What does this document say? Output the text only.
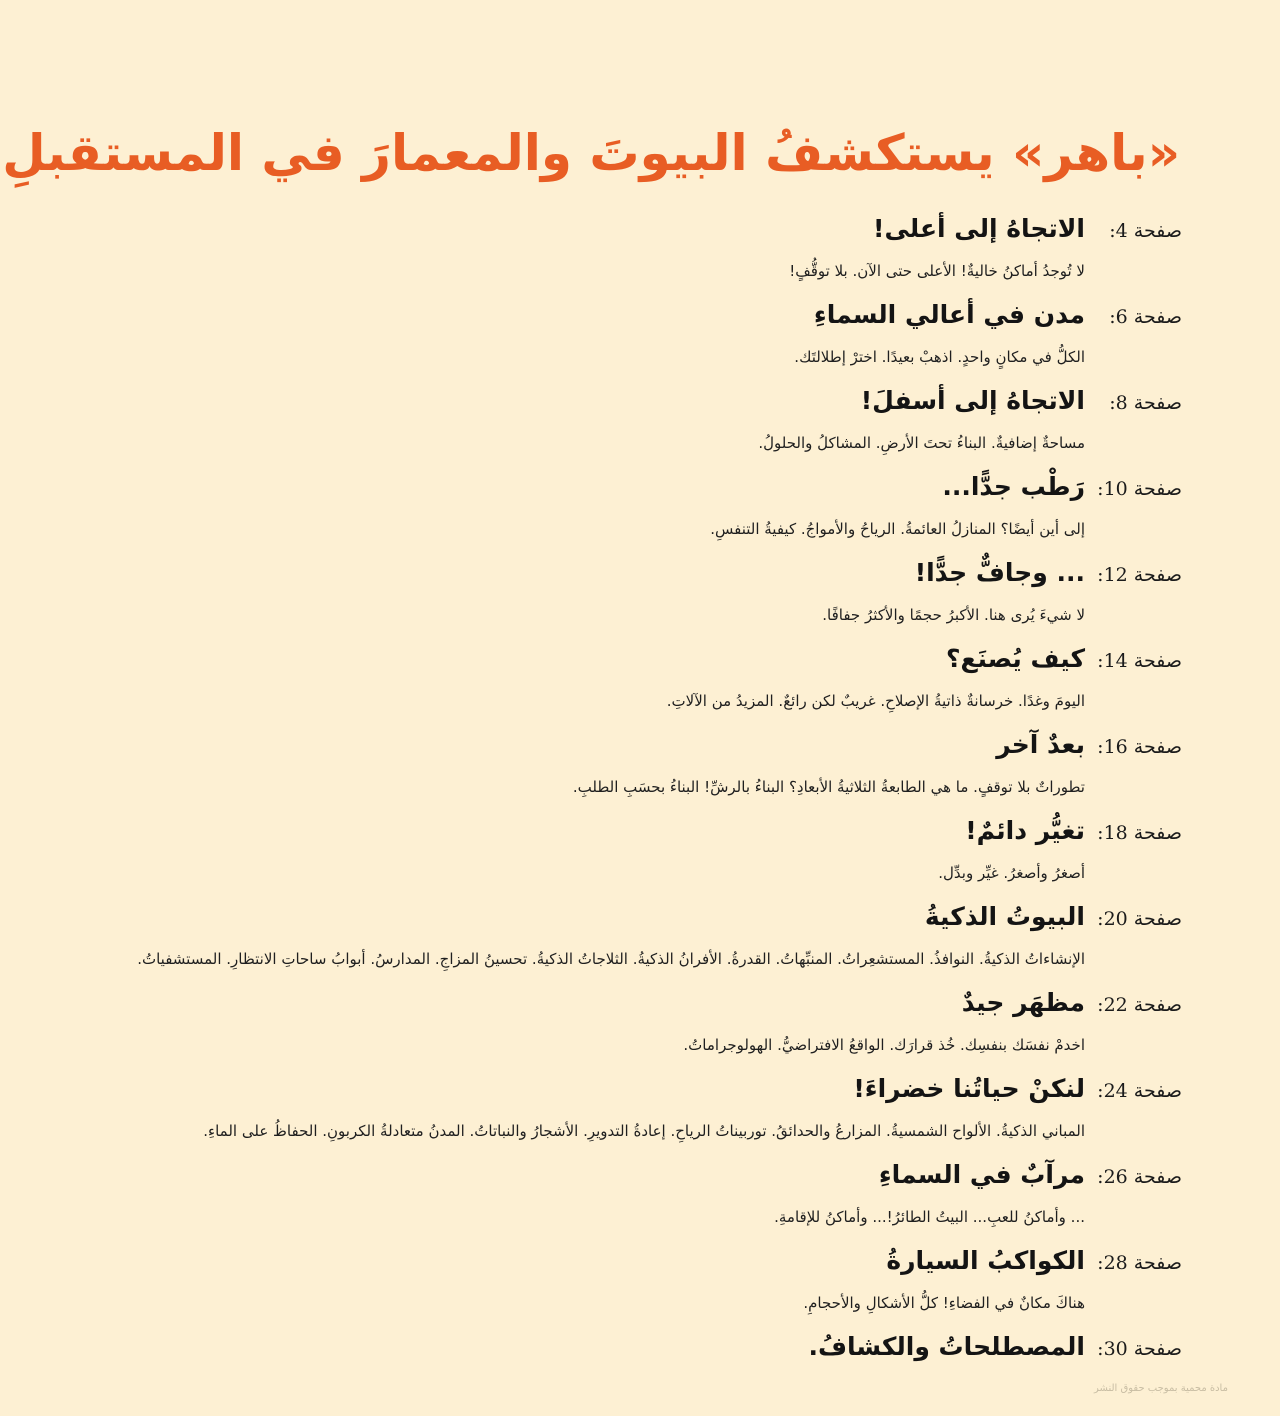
«باهر» يستكشفُ البيوتَ والمعمارَ في المستقبلِ
صفحة 4:
الاتجاهُ إلى أعلى!

لا تُوجدُ أماكنُ خاليةٌ! الأعلى حتى الآن. بلا توقُّفٍ!

صفحة 6:
مدن في أعالي السماءِ

الكلُّ في مكانٍ واحدٍ. اذهبْ بعيدًا. اخترْ إطلالتَك.

صفحة 8:
الاتجاهُ إلى أسفلَ!

مساحةٌ إضافيةٌ. البناءُ تحتَ الأرضِ. المشاكلُ والحلولُ.

صفحة 10:
رَطْب جدًّا...

إلى أين أيضًا؟ المنازلُ العائمةُ. الرياحُ والأمواجُ. كيفيةُ التنفسِ.

صفحة 12:
... وجافٌّ جدًّا!

لا شيءَ يُرى هنا. الأكبرُ حجمًا والأكثرُ جفافًا.

صفحة 14:
كيف يُصنَع؟

اليومَ وغدًا. خرسانةٌ ذاتيةُ الإصلاحِ. غريبٌ لكن رائعٌ. المزيدُ من الآلاتِ.

صفحة 16:
بعدٌ آخر

تطوراتٌ بلا توقفٍ. ما هي الطابعةُ الثلاثيةُ الأبعادِ؟ البناءُ بالرشِّ! البناءُ بحسَبِ الطلبِ.

صفحة 18:
تغيُّر دائمٌ!

أصغرُ وأصغرُ. غيِّر وبدِّل.

صفحة 20:
البيوتُ الذكيةُ

الإنشاءاتُ الذكيةُ. النوافذُ. المستشعِراتُ. المنبِّهاتُ. القدرةُ. الأفرانُ الذكيةُ. الثلاجاتُ الذكيةُ. تحسينُ المزاجِ. المدارسُ. أبوابُ ساحاتِ الانتظارِ. المستشفياتُ.

صفحة 22:
مظهَر جيدٌ

اخدمْ نفسَك بنفسِك. خُذ قرارَك. الواقعُ الافتراضيُّ. الهولوجراماتُ.

صفحة 24:
لنكنْ حياتُنا خضراءَ!

المباني الذكيةُ. الألواح الشمسيةُ. المزارعُ والحدائقُ. توربيناتُ الرياحِ. إعادةُ التدويرِ. الأشجارُ والنباتاتُ. المدنُ متعادلةُ الكربونِ. الحفاظُ على الماءِ.

صفحة 26:
مرآبٌ في السماءِ

... وأماكنُ للعبِ... البيتُ الطائرُ!... وأماكنُ للإقامةِ.

صفحة 28:
الكواكبُ السيارةُ

هناكَ مكانٌ في الفضاءِ! كلُّ الأشكالِ والأحجامِ.

صفحة 30:
المصطلحاتُ والكشافُ.
مادة محمية بموجب حقوق النشر
